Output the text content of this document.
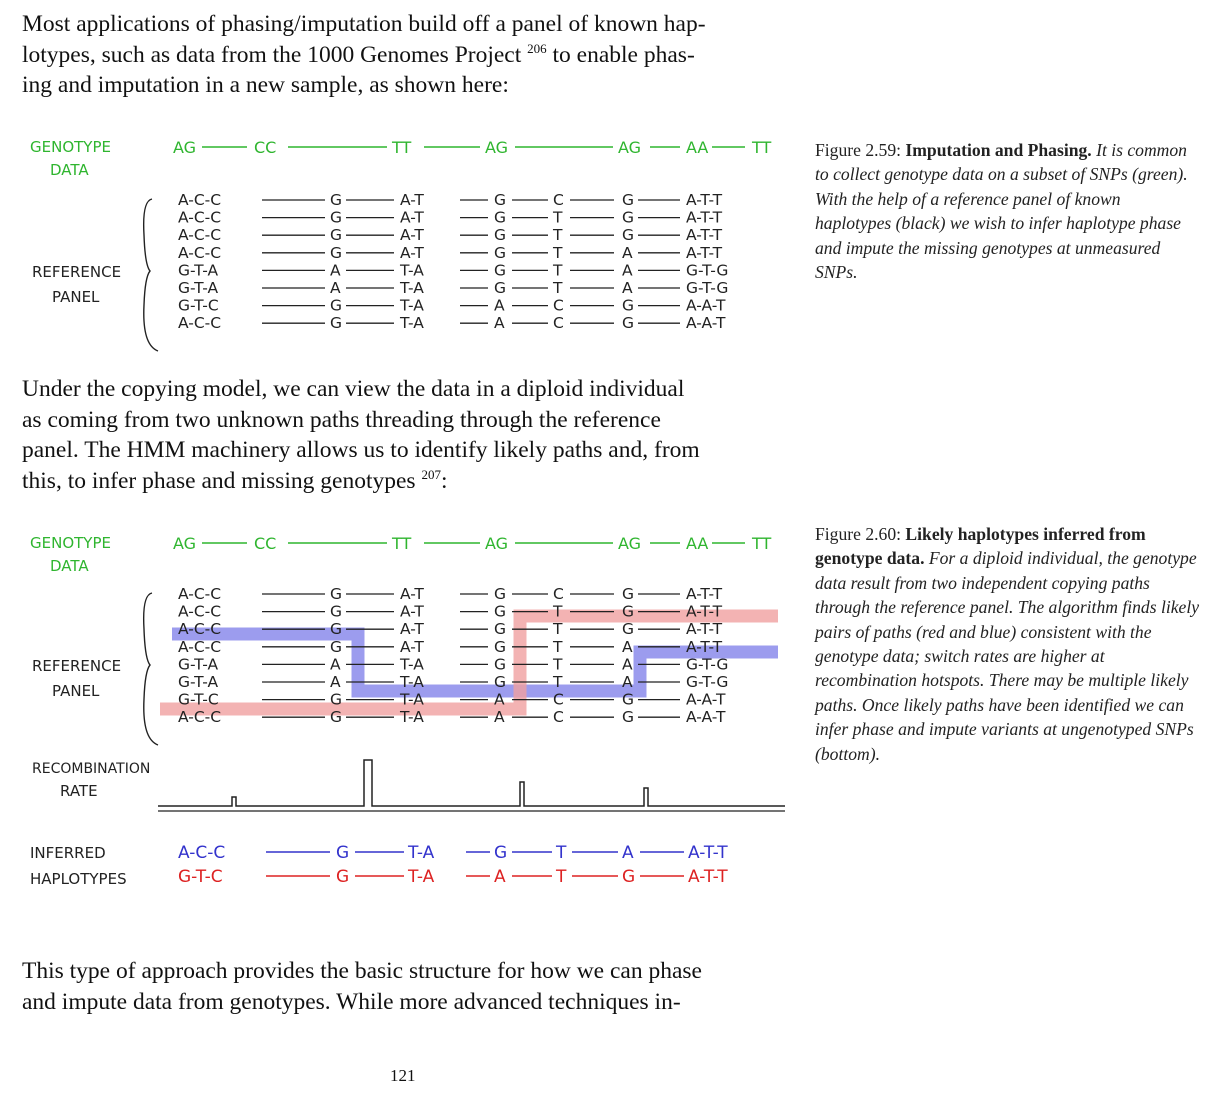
Most applications of phasing/imputation build off a panel of known hap-
lotypes, such as data from the 1000 Genomes Project $^{206}$ to enable phas-
ing and imputation in a new sample, as shown here:
Figure 2.59: Imputation and Phasing. It is common to collect genotype data on a subset of SNPs (green). With the help of a reference panel of known haplotypes (black) we wish to infer haplotype phase and impute the missing genotypes at unmeasured SNPs.
GENOTYPE
DATA
AG	CC	TT	AG	AG	AA	TT
REFERENCE
PANEL
A-C-C	G	A-T	G	C	G	A-T-T
A-C-C	G	A-T	G	T	G	A-T-T
A-C-C	G	A-T	G	T	G	A-T-T
A-C-C	G	A-T	G	T	A	A-T-T
G-T-A	A	T-A	G	T	A	G-T-G
G-T-A	A	T-A	G	T	A	G-T-G
G-T-C	G	T-A	A	C	G	A-A-T
A-C-C	G	T-A	A	C	G	A-A-T
Under the copying model, we can view the data in a diploid individual
as coming from two unknown paths threading through the reference
panel. The HMM machinery allows us to identify likely paths and, from
this, to infer phase and missing genotypes $^{207}$:
Figure 2.60: Likely haplotypes inferred from genotype data. For a diploid individual, the genotype data result from two independent copying paths through the reference panel. The algorithm finds likely pairs of paths (red and blue) consistent with the genotype data; switch rates are higher at recombination hotspots. There may be multiple likely paths. Once likely paths have been identified we can infer phase and impute variants at ungenotyped SNPs (bottom).
GENOTYPE
DATA
AG	CC	TT	AG	AG	AA	TT
REFERENCE
PANEL
A-C-C	G	A-T	G	C	G	A-T-T
A-C-C	G	A-T	G	T	G	A-T-T
A-C-C	G	A-T	G	T	G	A-T-T
A-C-C	G	A-T	G	T	A	A-T-T
G-T-A	A	T-A	G	T	A	G-T-G
G-T-A	A	T-A	G	T	A	G-T-G
G-T-C	G	T-A	A	C	G	A-A-T
A-C-C	G	T-A	A	C	G	A-A-T
RECOMBINATION
RATE
INFERRED
HAPLOTYPES
A-C-C	G	T-A	G	T	A	A-T-T
G-T-C	G	T-A	A	T	G	A-T-T
This type of approach provides the basic structure for how we can phase
and impute data from genotypes. While more advanced techniques in-
121
